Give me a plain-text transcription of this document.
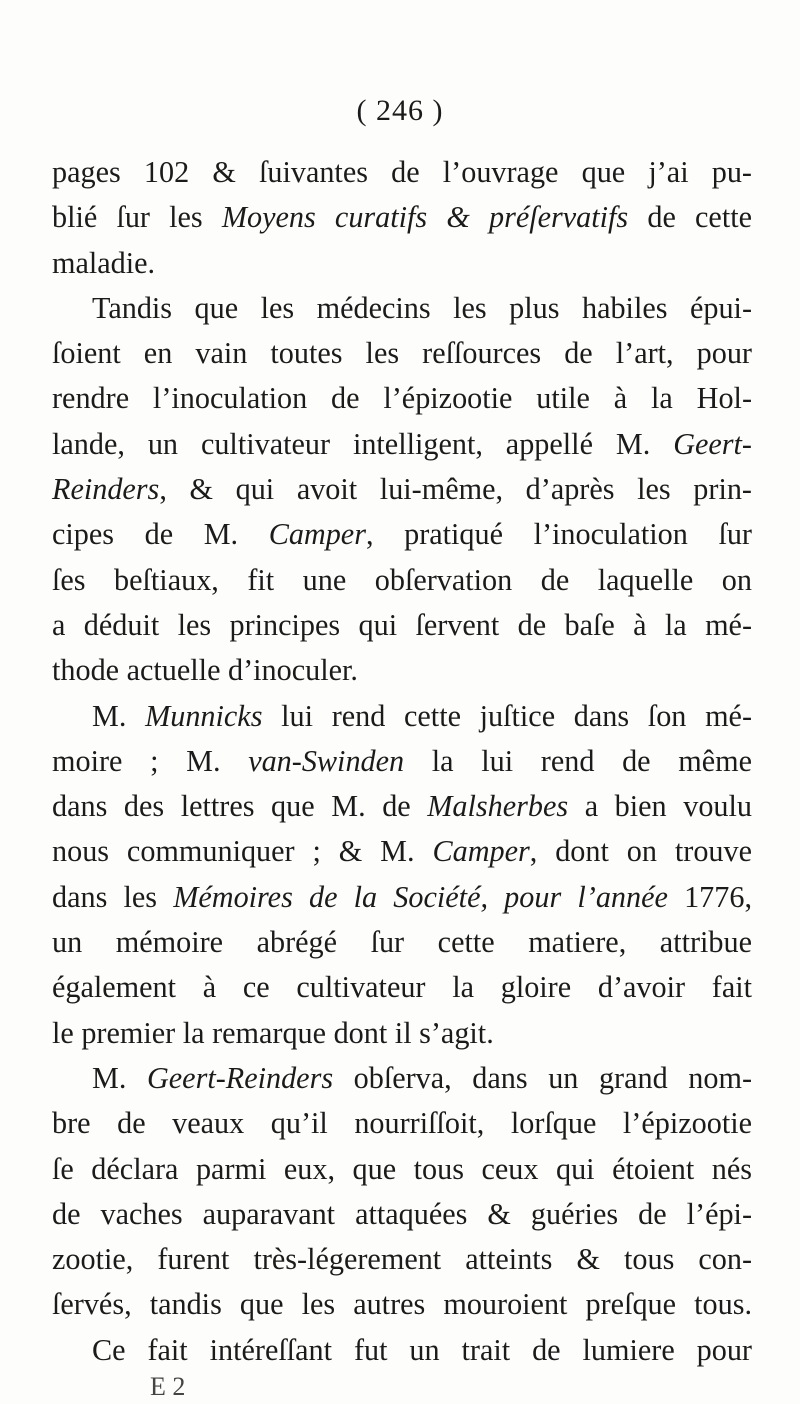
( 246 )
pages 102 & ſuivantes de l’ouvrage que j’ai pu-
blié ſur les Moyens curatifs & préſervatifs de cette
maladie.
Tandis que les médecins les plus habiles épui-
ſoient en vain toutes les reſſources de l’art, pour
rendre l’inoculation de l’épizootie utile à la Hol-
lande, un cultivateur intelligent, appellé M. Geert-
Reinders, & qui avoit lui-même, d’après les prin-
cipes de M. Camper, pratiqué l’inoculation ſur
ſes beſtiaux, fit une obſervation de laquelle on
a déduit les principes qui ſervent de baſe à la mé-
thode actuelle d’inoculer.
M. Munnicks lui rend cette juſtice dans ſon mé-
moire ; M. van-Swinden la lui rend de même
dans des lettres que M. de Malsherbes a bien voulu
nous communiquer ; & M. Camper, dont on trouve
dans les Mémoires de la Société, pour l’année 1776,
un mémoire abrégé ſur cette matiere, attribue
également à ce cultivateur la gloire d’avoir fait
le premier la remarque dont il s’agit.
M. Geert-Reinders obſerva, dans un grand nom-
bre de veaux qu’il nourriſſoit, lorſque l’épizootie
ſe déclara parmi eux, que tous ceux qui étoient nés
de vaches auparavant attaquées & guéries de l’épi-
zootie, furent très-légerement atteints & tous con-
ſervés, tandis que les autres mouroient preſque tous.
Ce fait intéreſſant fut un trait de lumiere pour
E 2
